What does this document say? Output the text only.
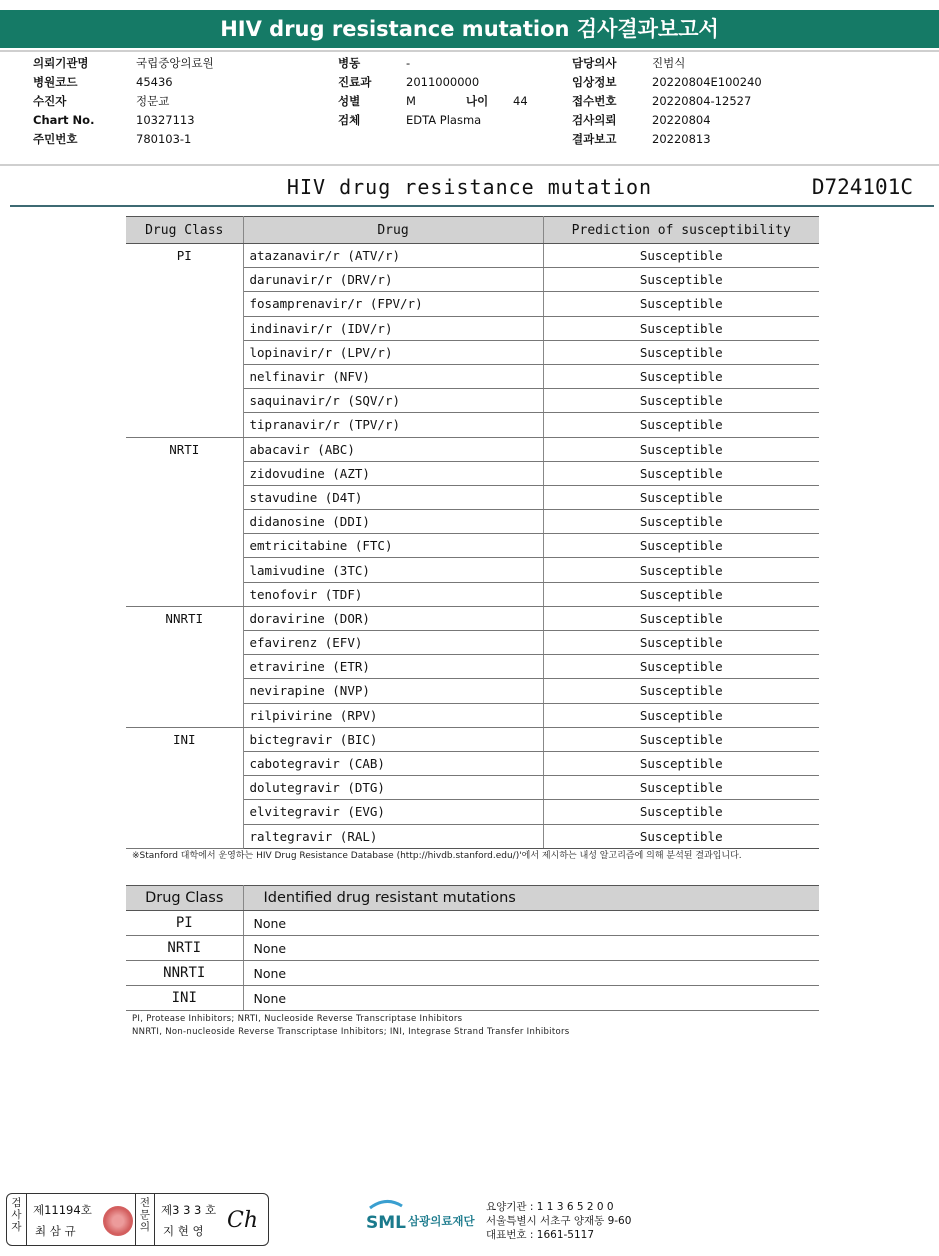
HIV drug resistance mutation 검사결과보고서
의뢰기관명	국립중앙의료원
병원코드	45436
수진자	정문교
Chart No.	10327113
주민번호	780103-1
병동	-
진료과	2011000000
성별	M
검체	EDTA Plasma
담당의사	진범식
임상정보	20220804E100240
접수번호	20220804-12527
검사의뢰	20220804
결과보고	20220813
나이 44
HIV drug resistance mutation	D724101C
Drug Class	Drug	Prediction of susceptibility
PI	atazanavir/r (ATV/r)	Susceptible
	darunavir/r (DRV/r)	Susceptible
	fosamprenavir/r (FPV/r)	Susceptible
	indinavir/r (IDV/r)	Susceptible
	lopinavir/r (LPV/r)	Susceptible
	nelfinavir (NFV)	Susceptible
	saquinavir/r (SQV/r)	Susceptible
	tipranavir/r (TPV/r)	Susceptible
NRTI	abacavir (ABC)	Susceptible
	zidovudine (AZT)	Susceptible
	stavudine (D4T)	Susceptible
	didanosine (DDI)	Susceptible
	emtricitabine (FTC)	Susceptible
	lamivudine (3TC)	Susceptible
	tenofovir (TDF)	Susceptible
NNRTI	doravirine (DOR)	Susceptible
	efavirenz (EFV)	Susceptible
	etravirine (ETR)	Susceptible
	nevirapine (NVP)	Susceptible
	rilpivirine (RPV)	Susceptible
INI	bictegravir (BIC)	Susceptible
	cabotegravir (CAB)	Susceptible
	dolutegravir (DTG)	Susceptible
	elvitegravir (EVG)	Susceptible
	raltegravir (RAL)	Susceptible
※Stanford 대학에서 운영하는 HIV Drug Resistance Database (http://hivdb.stanford.edu/)'에서 제시하는 내성 알고리즘에 의해 분석된 결과입니다.
Drug Class	Identified drug resistant mutations
PI	None
NRTI	None
NNRTI	None
INI	None
PI, Protease Inhibitors; NRTI, Nucleoside Reverse Transcriptase Inhibitors
NNRTI, Non-nucleoside Reverse Transcriptase Inhibitors; INI, Integrase Strand Transfer Inhibitors
검
사
자
제11194호
최 삼 규
전
문
의
제3 3 3 호
지 현 영 Ch	SML 삼광의료재단
요양기관 : 1 1 3 6 5 2 0 0
서울특별시 서초구 양재동 9-60
대표번호 : 1661-5117
